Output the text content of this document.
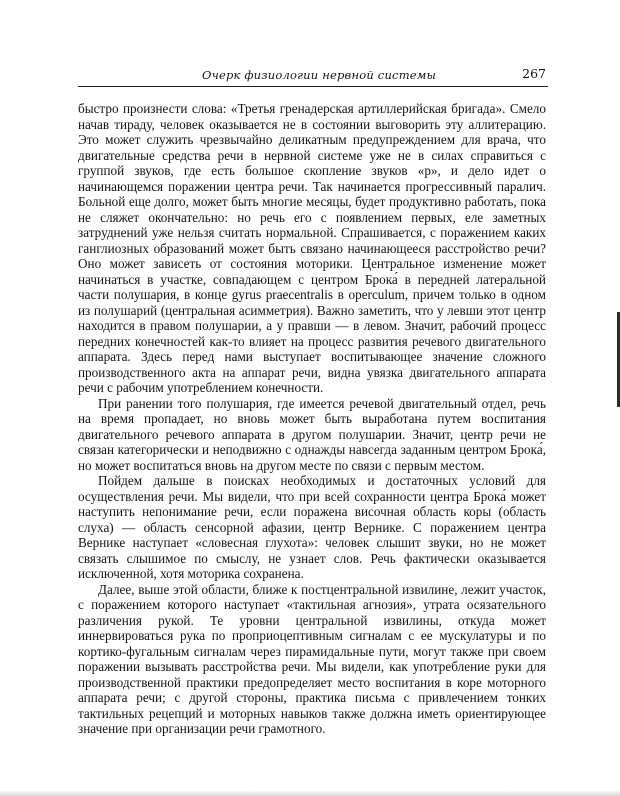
Очерк физиологии нервной системы	267

быстро произнести слова: «Третья гренадерская артиллерийская бригада». Смело начав тираду, человек оказывается не в состоянии выговорить эту аллитерацию. Это может служить чрезвычайно деликатным предупреждением для врача, что двигательные средства речи в нервной системе уже не в силах справиться с группой звуков, где есть большое скопление звуков «р», и дело идет о начинающемся поражении центра речи. Так начинается прогрессивный паралич. Больной еще долго, может быть многие месяцы, будет продуктивно работать, пока не сляжет окончательно: но речь его с появлением первых, еле заметных затруднений уже нельзя считать нормальной. Спрашивается, с поражением каких ганглиозных образований может быть связано начинающееся расстройство речи? Оно может зависеть от состояния моторики. Центральное изменение может начинаться в участке, совпадающем с центром Брока́ в передней латеральной части полушария, в конце gyrus praecentralis в operculum, причем только в одном из полушарий (центральная асимметрия). Важно заметить, что у левши этот центр находится в правом полушарии, а у правши — в левом. Значит, рабочий процесс передних конечностей как-то влияет на процесс развития речевого двигательного аппарата. Здесь перед нами выступает воспитывающее значение сложного производственного акта на аппарат речи, видна увязка двигательного аппарата речи с рабочим употреблением конечности.

При ранении того полушария, где имеется речевой двигательный отдел, речь на время пропадает, но вновь может быть выработана путем воспитания двигательного речевого аппарата в другом полушарии. Значит, центр речи не связан категорически и неподвижно с однажды навсегда заданным центром Брока́, но может воспитаться вновь на другом месте по связи с первым местом.

Пойдем дальше в поисках необходимых и достаточных условий для осуществления речи. Мы видели, что при всей сохранности центра Брока́ может наступить непонимание речи, если поражена височная область коры (область слуха) — область сенсорной афазии, центр Вернике. С поражением центра Вернике наступает «словесная глухота»: человек слышит звуки, но не может связать слышимое по смыслу, не узнает слов. Речь фактически оказывается исключенной, хотя моторика сохранена.

Далее, выше этой области, ближе к постцентральной извилине, лежит участок, с поражением которого наступает «тактильная агнозия», утрата осязательного различения рукой. Те уровни центральной извилины, откуда может иннервироваться рука по проприоцептивным сигналам с ее мускулатуры и по кортико-фугальным сигналам через пирамидальные пути, могут также при своем поражении вызывать расстройства речи. Мы видели, как употребление руки для производственной практики предопределяет место воспитания в коре моторного аппарата речи; с другой стороны, практика письма с привлечением тонких тактильных рецепций и моторных навыков также должна иметь ориентирующее значение при организации речи грамотного.
